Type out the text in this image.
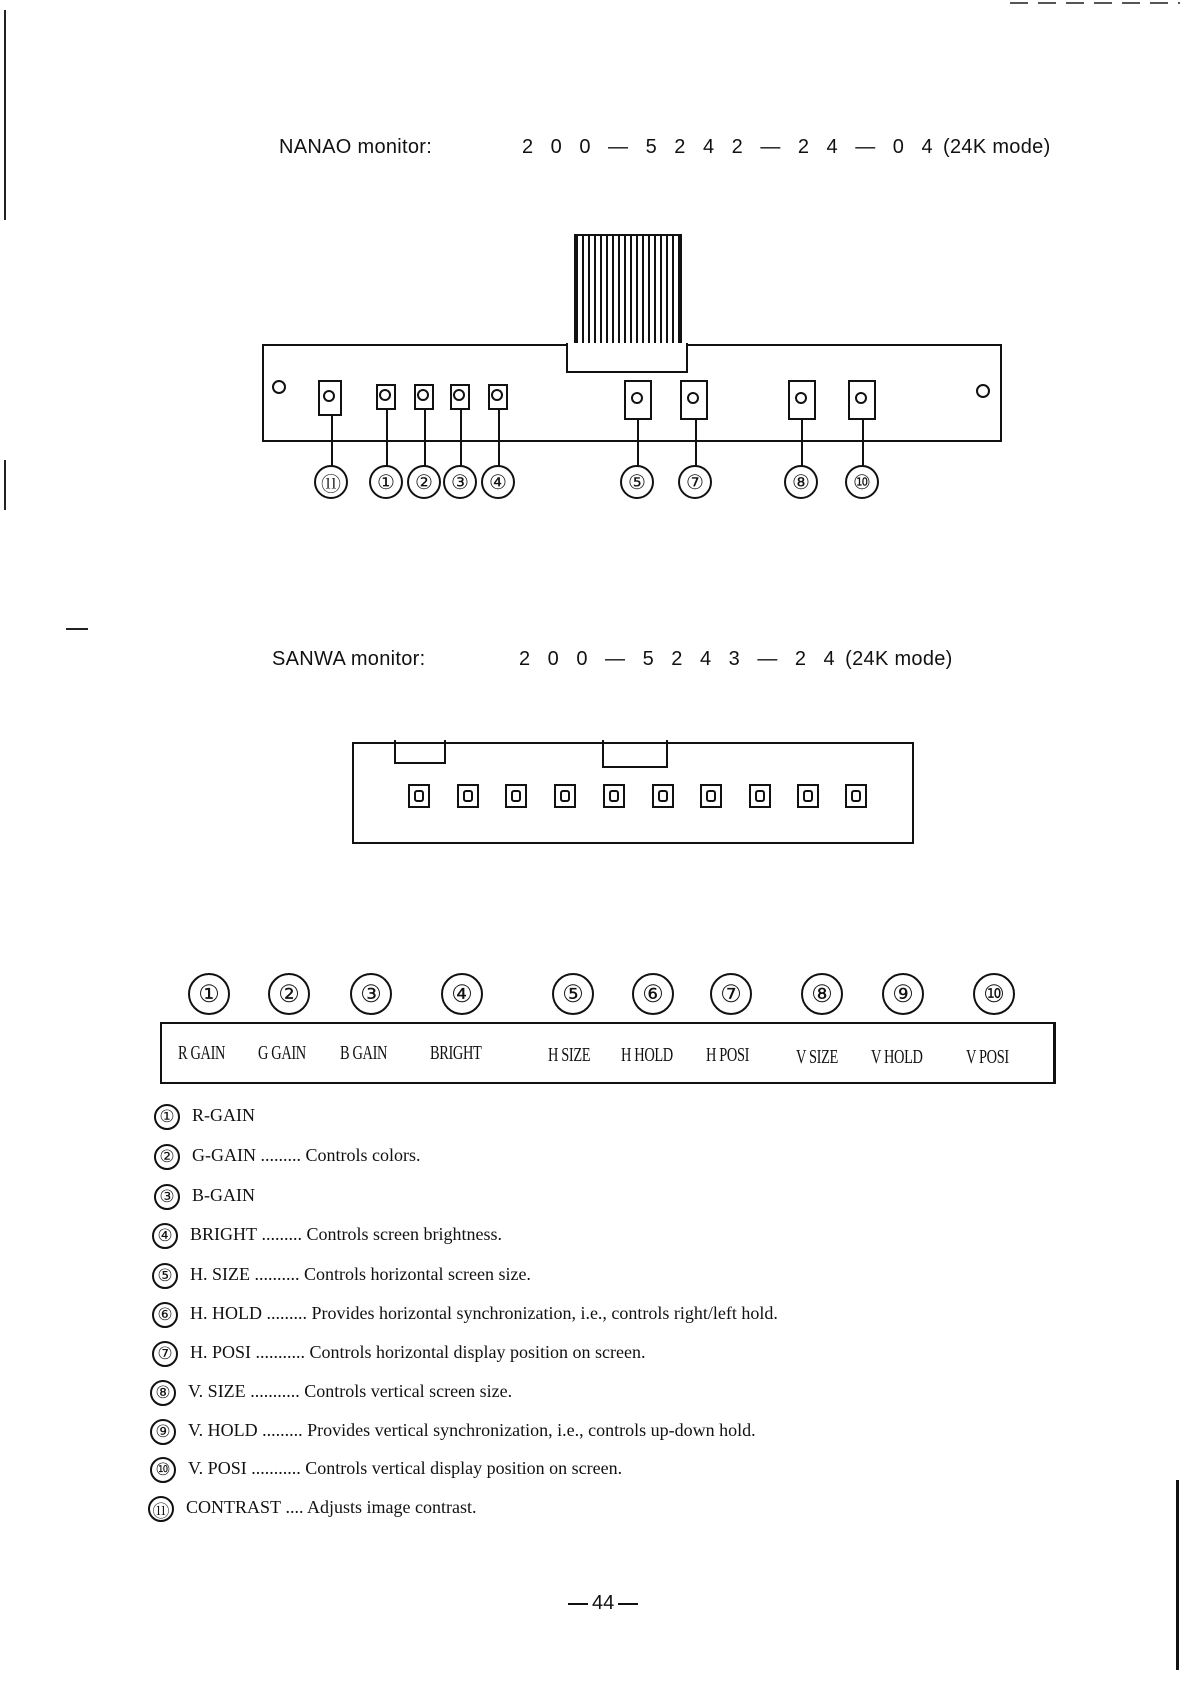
NANAO monitor:	2 0 0 — 5 2 4 2 — 2 4 — 0 4 (24K mode)
⑪	①	② ③	④	⑤	⑦	⑧	⑩
SANWA monitor:	2 0 0 — 5 2 4 3 — 2 4 (24K mode)
①	②	③	④	⑤	⑥	⑦	⑧	⑨	⑩
R GAIN G GAIN B GAIN BRIGHT	H SIZE H HOLD H POSI V SIZE V HOLD V POSI
① R-GAIN
② G-GAIN ......... Controls colors.
③ B-GAIN
④ BRIGHT ......... Controls screen brightness.
⑤ H. SIZE .......... Controls horizontal screen size.
⑥ H. HOLD ......... Provides horizontal synchronization, i.e., controls right/left hold.
⑦ H. POSI ........... Controls horizontal display position on screen.
⑧ V. SIZE ........... Controls vertical screen size.
⑨ V. HOLD ......... Provides vertical synchronization, i.e., controls up-down hold.
⑩ V. POSI ........... Controls vertical display position on screen.
⑪ CONTRAST .... Adjusts image contrast.
44
